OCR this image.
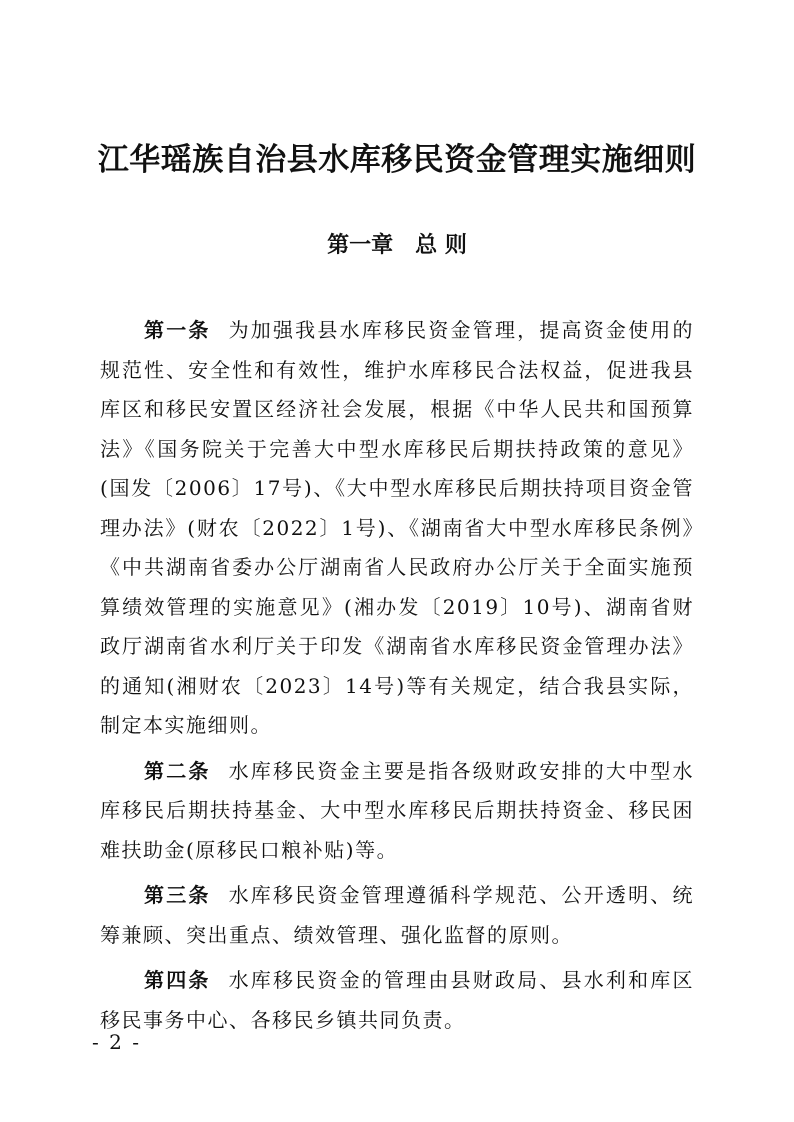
江华瑶族自治县水库移民资金管理实施细则
第一章 总 则

第一条 为加强我县水库移民资金管理，提高资金使用的规范性、安全性和有效性，维护水库移民合法权益，促进我县库区和移民安置区经济社会发展，根据《中华人民共和国预算法》《国务院关于完善大中型水库移民后期扶持政策的意见》(国发〔2006〕17号)、《大中型水库移民后期扶持项目资金管理办法》(财农〔2022〕1号)、《湖南省大中型水库移民条例》《中共湖南省委办公厅湖南省人民政府办公厅关于全面实施预算绩效管理的实施意见》(湘办发〔2019〕10号)、湖南省财政厅湖南省水利厅关于印发《湖南省水库移民资金管理办法》的通知(湘财农〔2023〕14号)等有关规定，结合我县实际，制定本实施细则。

第二条 水库移民资金主要是指各级财政安排的大中型水库移民后期扶持基金、大中型水库移民后期扶持资金、移民困难扶助金(原移民口粮补贴)等。

第三条 水库移民资金管理遵循科学规范、公开透明、统筹兼顾、突出重点、绩效管理、强化监督的原则。

第四条 水库移民资金的管理由县财政局、县水利和库区移民事务中心、各移民乡镇共同负责。

- 2 -
